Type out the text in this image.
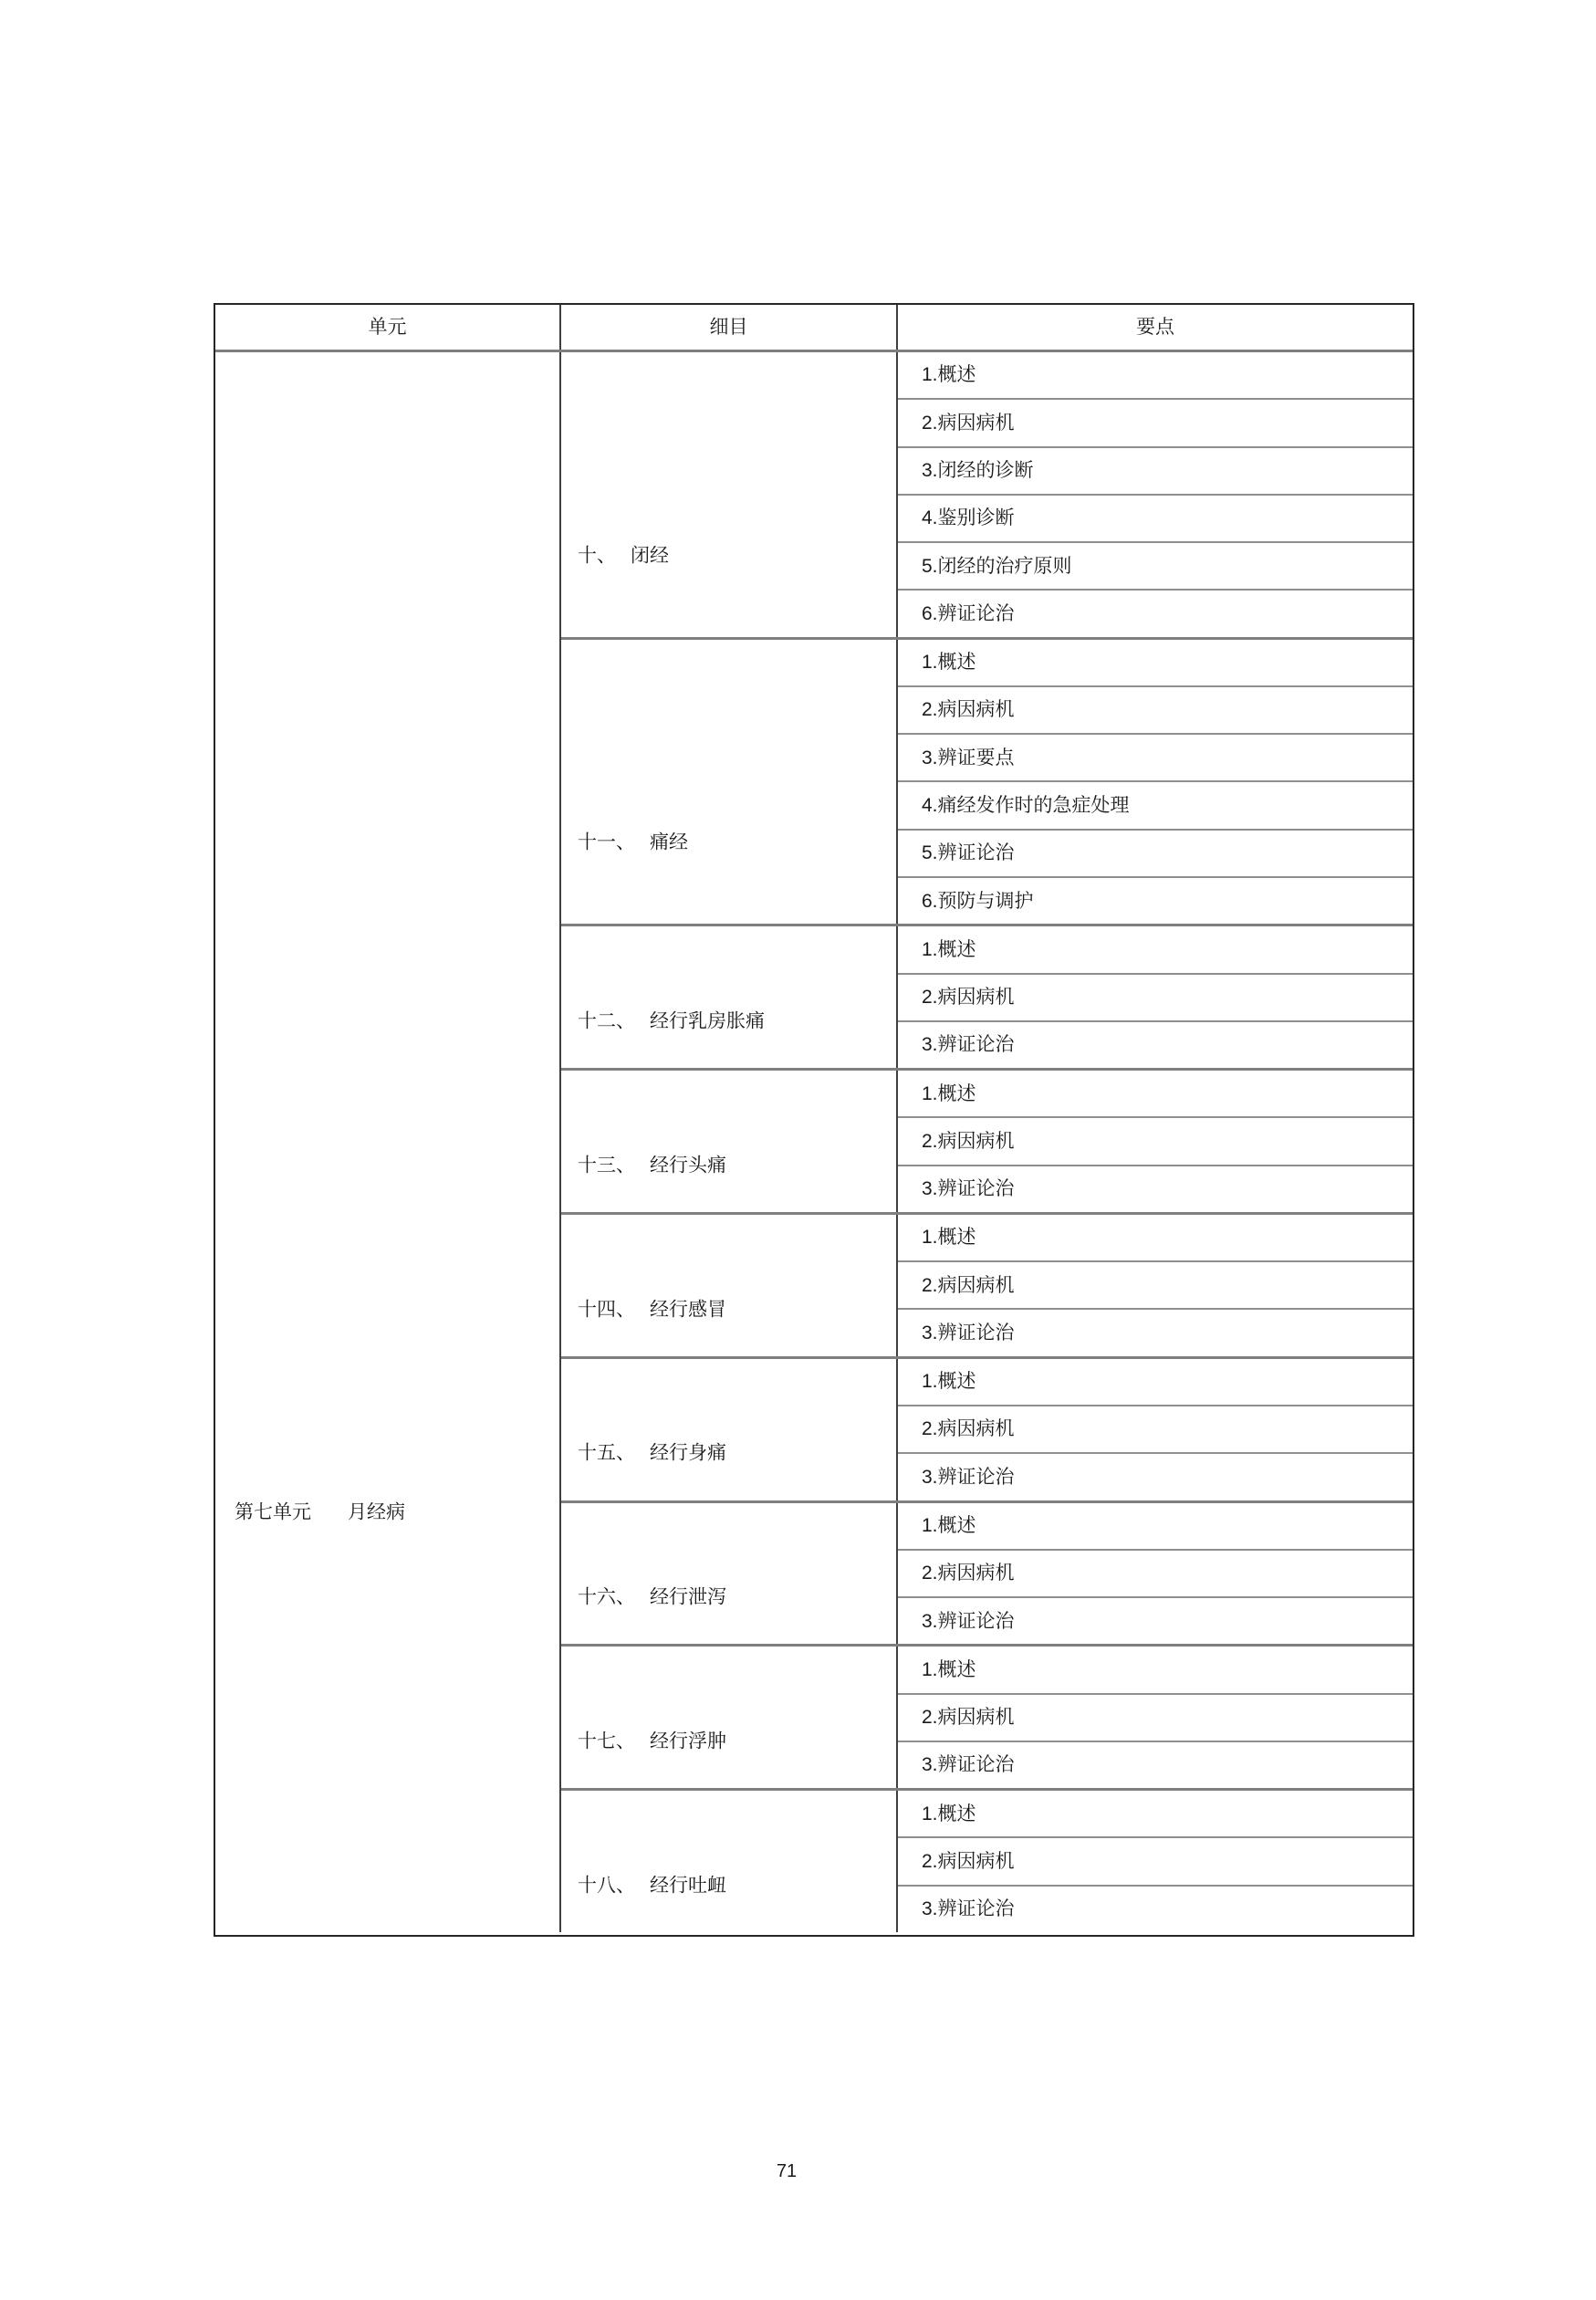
单元	细目	要点
第七单元 月经病
十、 闭经
1.概述
2.病因病机
3.闭经的诊断
4.鉴别诊断
5.闭经的治疗原则
6.辨证论治
十一、 痛经
1.概述
2.病因病机
3.辨证要点
4.痛经发作时的急症处理
5.辨证论治
6.预防与调护
十二、 经行乳房胀痛
1.概述
2.病因病机
3.辨证论治
十三、 经行头痛
1.概述
2.病因病机
3.辨证论治
十四、 经行感冒
1.概述
2.病因病机
3.辨证论治
十五、 经行身痛
1.概述
2.病因病机
3.辨证论治
十六、 经行泄泻
1.概述
2.病因病机
3.辨证论治
十七、 经行浮肿
1.概述
2.病因病机
3.辨证论治
十八、 经行吐衄
1.概述
2.病因病机
3.辨证论治
71
